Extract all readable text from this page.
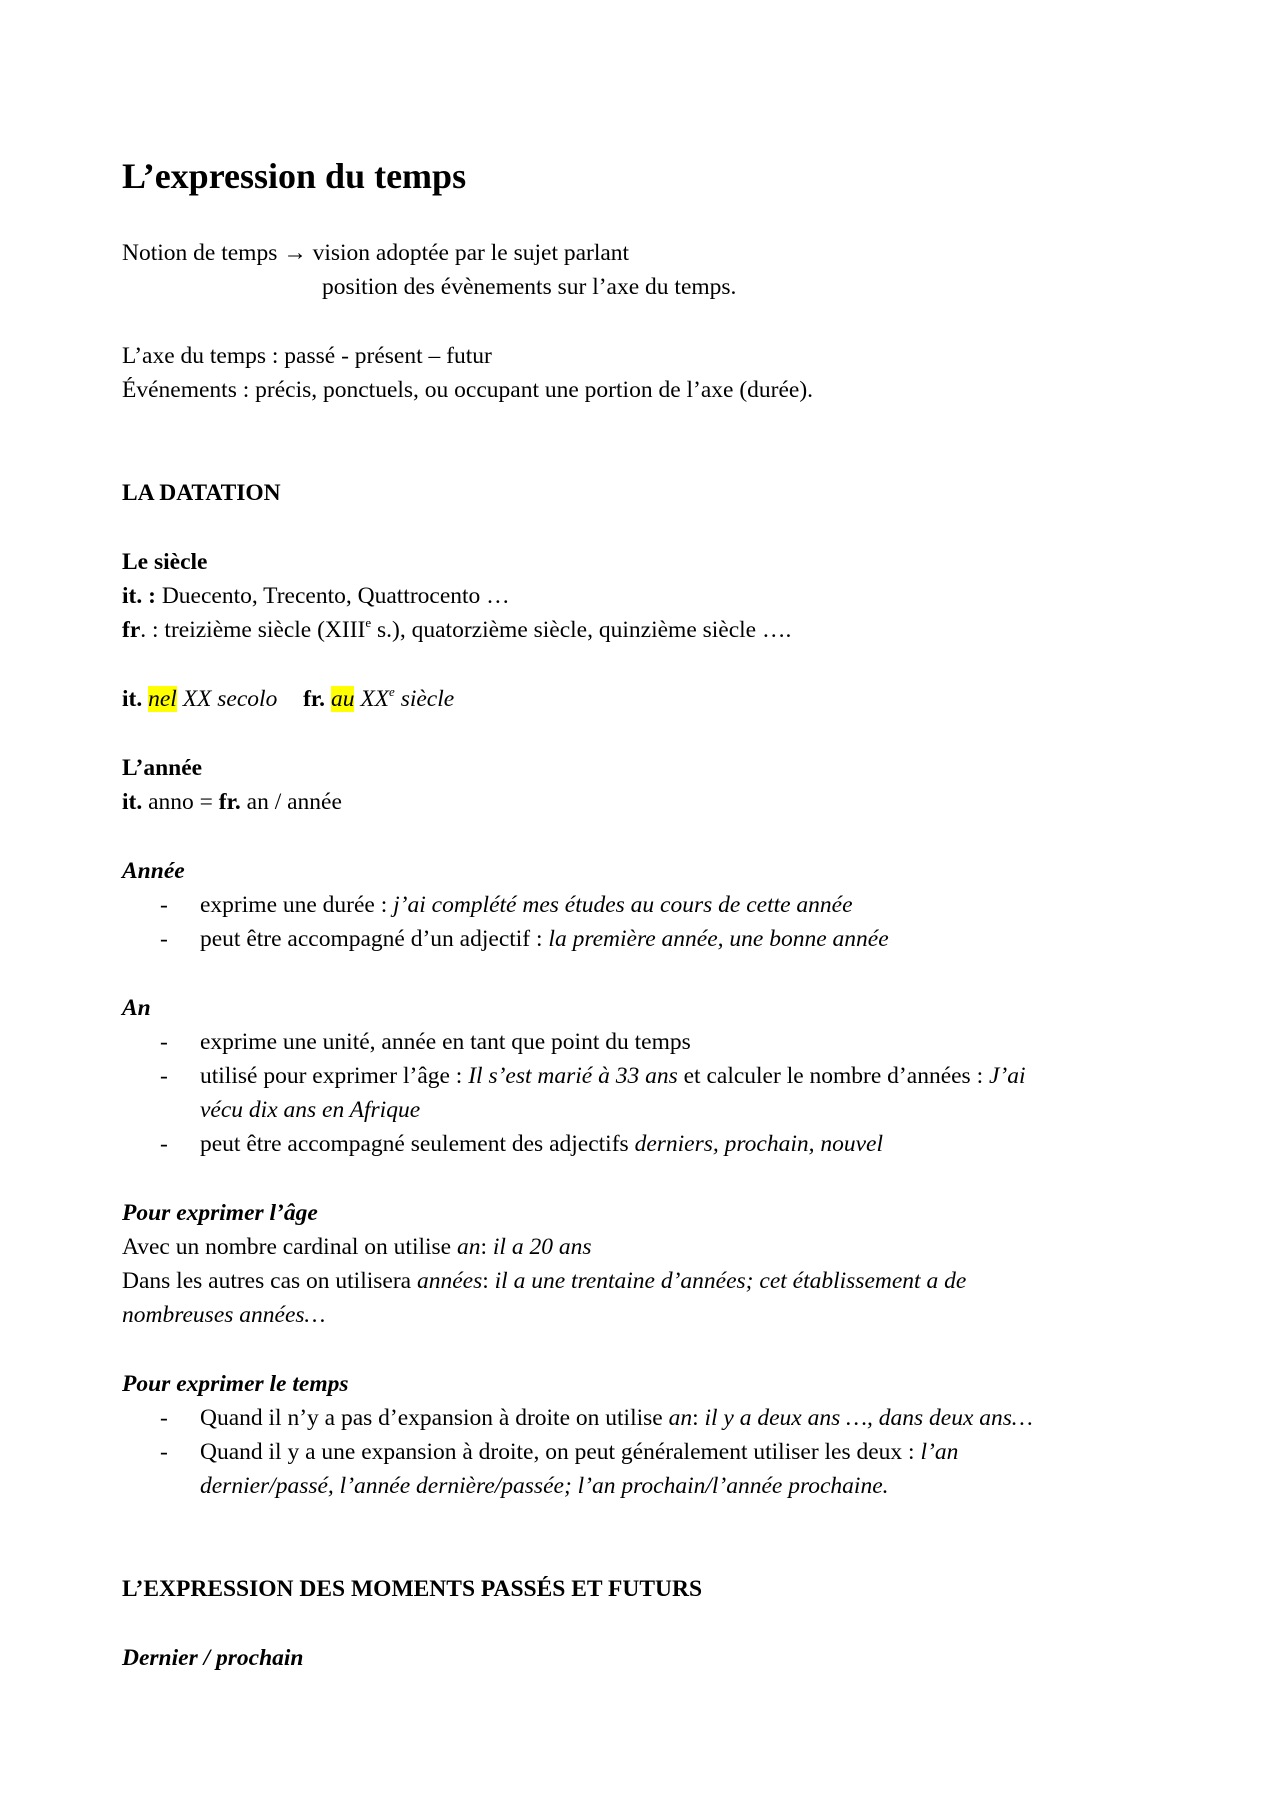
L’expression du temps
Notion de temps → vision adoptée par le sujet parlant
position des évènements sur l’axe du temps.
L’axe du temps : passé - présent – futur
Événements : précis, ponctuels, ou occupant une portion de l’axe (durée).
LA DATATION
Le siècle
it. : Duecento, Trecento, Quattrocento …
fr. : treizième siècle (XIIIe s.), quatorzième siècle, quinzième siècle ….
it. nel XX secolo fr. au XXe siècle
L’année
it. anno = fr. an / année
Année
- exprime une durée : j’ai complété mes études au cours de cette année
- peut être accompagné d’un adjectif : la première année, une bonne année
An
- exprime une unité, année en tant que point du temps
- utilisé pour exprimer l’âge : Il s’est marié à 33 ans et calculer le nombre d’années : J’ai
vécu dix ans en Afrique
- peut être accompagné seulement des adjectifs derniers, prochain, nouvel
Pour exprimer l’âge
Avec un nombre cardinal on utilise an: il a 20 ans
Dans les autres cas on utilisera années: il a une trentaine d’années; cet établissement a de
nombreuses années…
Pour exprimer le temps
- Quand il n’y a pas d’expansion à droite on utilise an: il y a deux ans …, dans deux ans…
- Quand il y a une expansion à droite, on peut généralement utiliser les deux : l’an
dernier/passé, l’année dernière/passée; l’an prochain/l’année prochaine.
L’EXPRESSION DES MOMENTS PASSÉS ET FUTURS
Dernier / prochain
